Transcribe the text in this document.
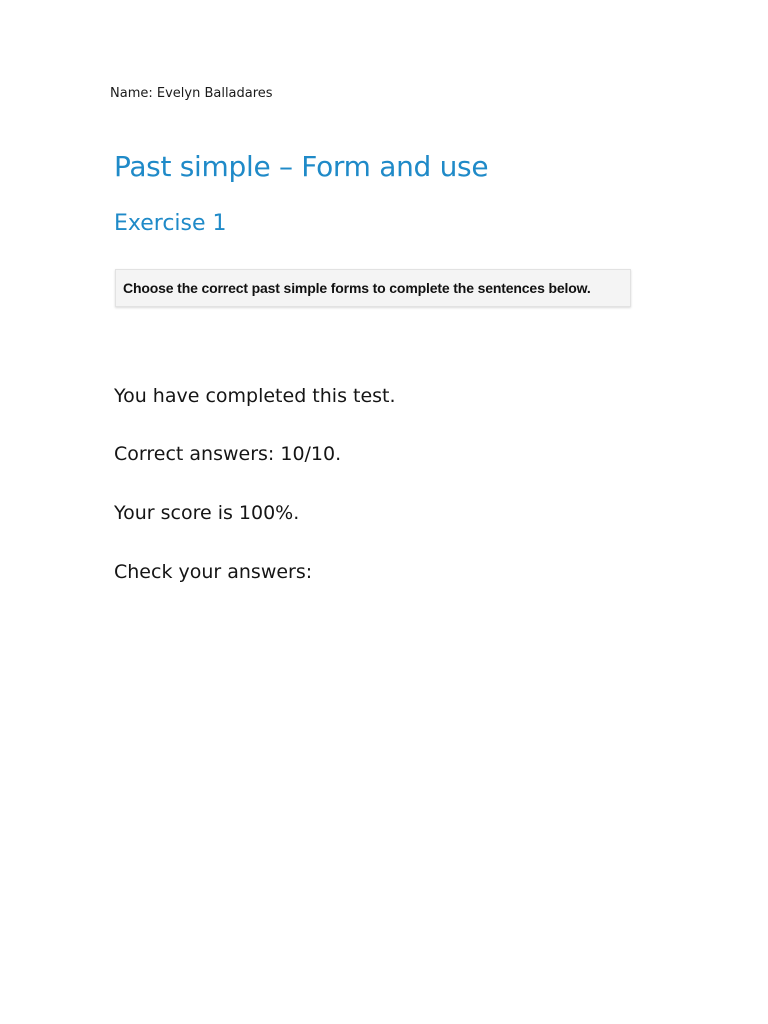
Name: Evelyn Balladares
Past simple – Form and use
Exercise 1
Choose the correct past simple forms to complete the sentences below.

You have completed this test.

Correct answers: 10/10.

Your score is 100%.

Check your answers:
